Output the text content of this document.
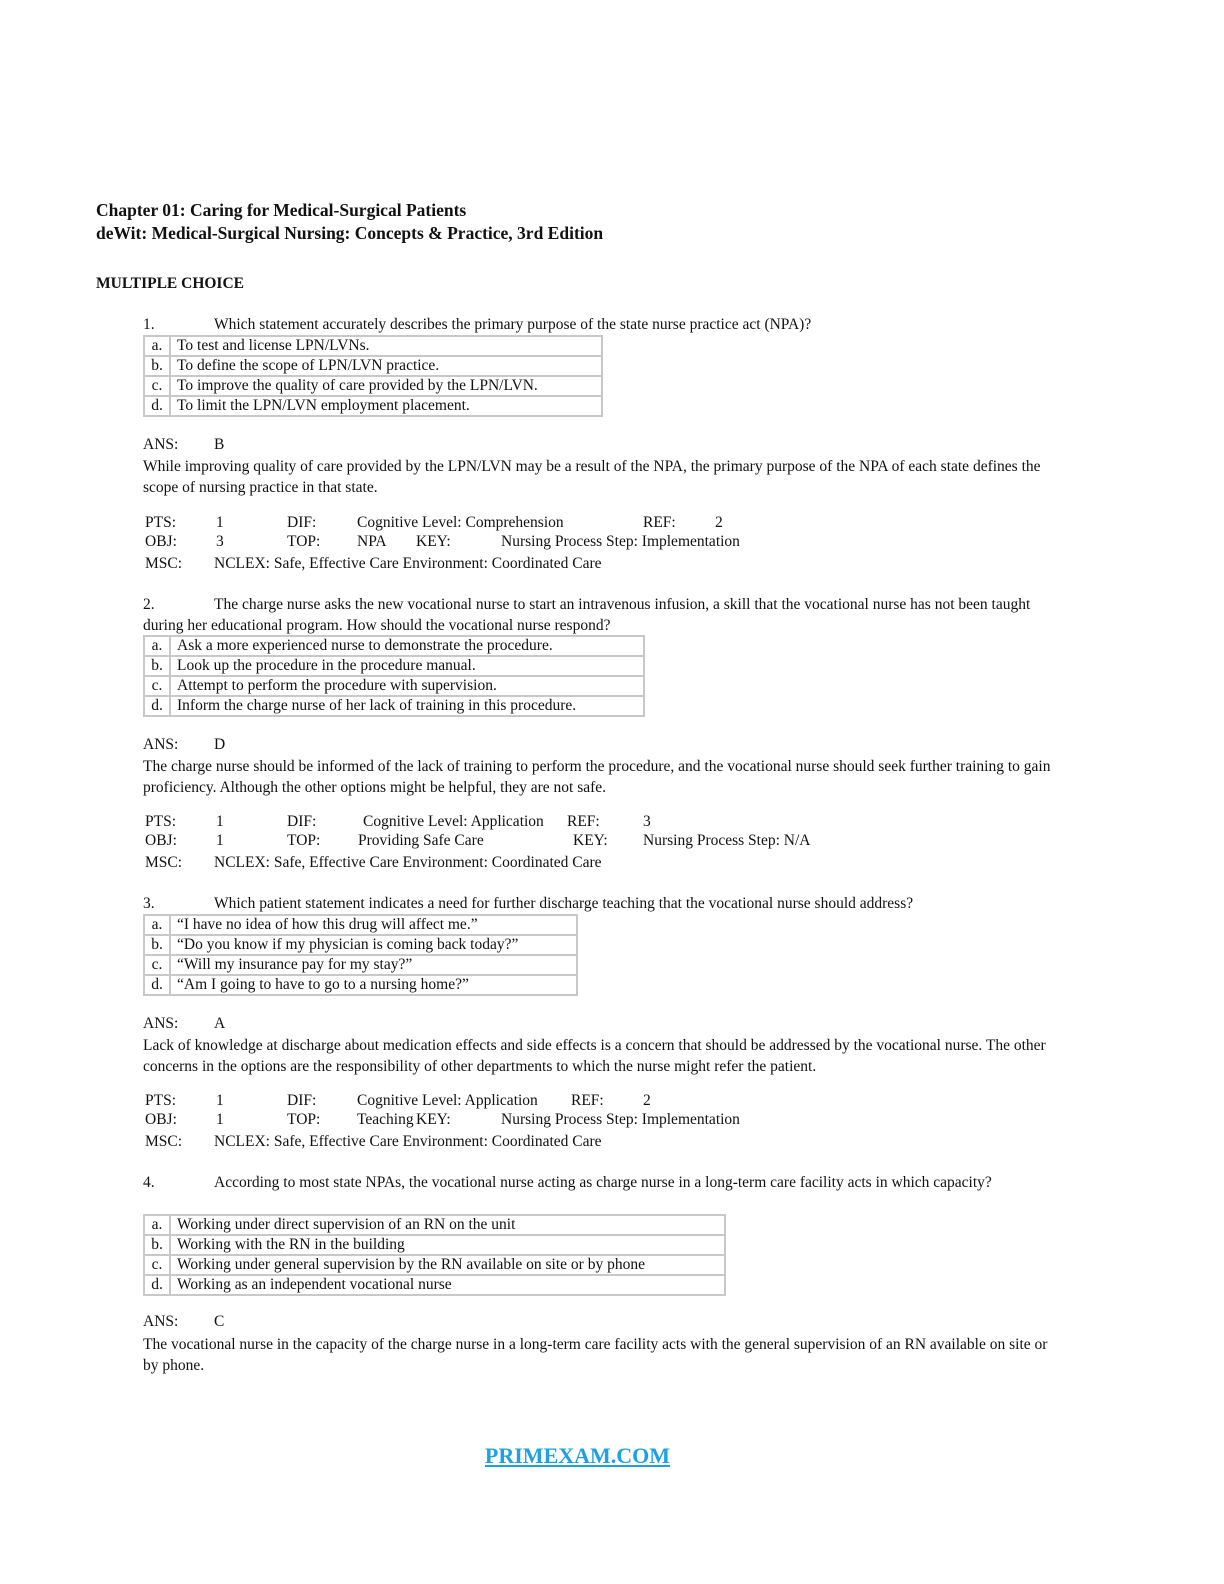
Chapter 01: Caring for Medical-Surgical Patients
deWit: Medical-Surgical Nursing: Concepts & Practice, 3rd Edition
MULTIPLE CHOICE
1.	Which statement accurately describes the primary purpose of the state nurse practice act (NPA)?
a.	To test and license LPN/LVNs.
b.	To define the scope of LPN/LVN practice.
c.	To improve the quality of care provided by the LPN/LVN.
d.	To limit the LPN/LVN employment placement.
ANS: B
While improving quality of care provided by the LPN/LVN may be a result of the NPA, the primary purpose of the NPA of each state defines the scope of nursing practice in that state.
PTS:	1	DIF:	Cognitive Level: Comprehension	REF:	2
OBJ:	3	TOP: NPA KEY:	Nursing Process Step: Implementation
MSC: NCLEX: Safe, Effective Care Environment: Coordinated Care
2.	The charge nurse asks the new vocational nurse to start an intravenous infusion, a skill that the vocational nurse has not been taught during her educational program. How should the vocational nurse respond?
a.	Ask a more experienced nurse to demonstrate the procedure.
b.	Look up the procedure in the procedure manual.
c.	Attempt to perform the procedure with supervision.
d.	Inform the charge nurse of her lack of training in this procedure.
ANS: D
The charge nurse should be informed of the lack of training to perform the procedure, and the vocational nurse should seek further training to gain proficiency. Although the other options might be helpful, they are not safe.
PTS:	1	DIF:	Cognitive Level: Application REF:	3
OBJ:	1	TOP: Providing Safe Care	KEY: Nursing Process Step: N/A
MSC: NCLEX: Safe, Effective Care Environment: Coordinated Care
3.	Which patient statement indicates a need for further discharge teaching that the vocational nurse should address?
a.	“I have no idea of how this drug will affect me.”
b.	“Do you know if my physician is coming back today?”
c.	“Will my insurance pay for my stay?”
d.	“Am I going to have to go to a nursing home?”
ANS: A
Lack of knowledge at discharge about medication effects and side effects is a concern that should be addressed by the vocational nurse. The other concerns in the options are the responsibility of other departments to which the nurse might refer the patient.
PTS:	1	DIF:	Cognitive Level: Application REF:	2
OBJ:	1	TOP: Teaching KEY:	Nursing Process Step: Implementation
MSC: NCLEX: Safe, Effective Care Environment: Coordinated Care
4.	According to most state NPAs, the vocational nurse acting as charge nurse in a long-term care facility acts in which capacity?
a.	Working under direct supervision of an RN on the unit
b.	Working with the RN in the building
c.	Working under general supervision by the RN available on site or by phone
d.	Working as an independent vocational nurse
ANS: C
The vocational nurse in the capacity of the charge nurse in a long-term care facility acts with the general supervision of an RN available on site or by phone.
PRIMEXAM.COM
